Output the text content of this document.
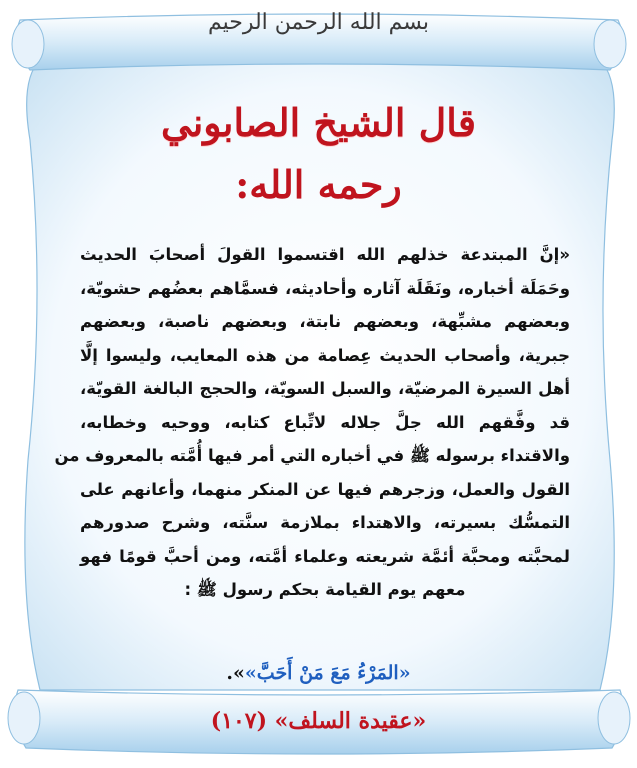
بسم الله الرحمن الرحيم
قال الشيخ الصابوني
رحمه الله:
«إنَّ المبتدعة خذلهم الله اقتسموا القولَ أصحابَ الحديث
وحَمَلَة أخباره، ونَقَلَة آثاره وأحاديثه، فسمَّاهم بعضُهم حشويّة،
وبعضهم مشبِّهة، وبعضهم نابتة، وبعضهم ناصبة، وبعضهم
جبرية، وأصحاب الحديث عِصامة من هذه المعايب، وليسوا إلَّا
أهل السيرة المرضيّة، والسبل السويّة، والحجج البالغة القويّة،
قد وفَّقهم الله جلَّ جلاله لاتِّباع كتابه، ووحيه وخطابه،
والاقتداء برسوله ﷺ في أخباره التي أمر فيها أُمَّته بالمعروف من
القول والعمل، وزجرهم فيها عن المنكر منهما، وأعانهم على
التمسُّك بسيرته، والاهتداء بملازمة سنَّته، وشرح صدورهم
لمحبَّته ومحبَّة أئمَّة شريعته وعلماء أمَّته، ومن أحبَّ قومًا فهو
معهم يوم القيامة بحكم رسول ﷺ :
«المَرْءُ مَعَ مَنْ أَحَبَّ»».
«عقيدة السلف» (١٠٧)
